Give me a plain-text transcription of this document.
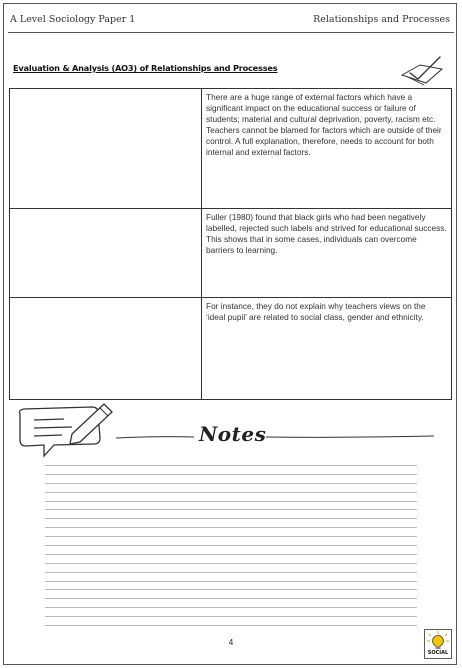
A Level Sociology Paper 1	Relationships and Processes
Evaluation & Analysis (AO3) of Relationships and Processes
	There are a huge range of external factors which have a significant impact on the educational success or failure of students; material and cultural deprivation, poverty, racism etc. Teachers cannot be blamed for factors which are outside of their control. A full explanation, therefore, needs to account for both internal and external factors.
	Fuller (1980) found that black girls who had been negatively labelled, rejected such labels and strived for educational success. This shows that in some cases, individuals can overcome barriers to learning.
	For instance, they do not explain why teachers views on the ‘ideal pupil’ are related to social class, gender and ethnicity.
Notes
4
SOCIAL
